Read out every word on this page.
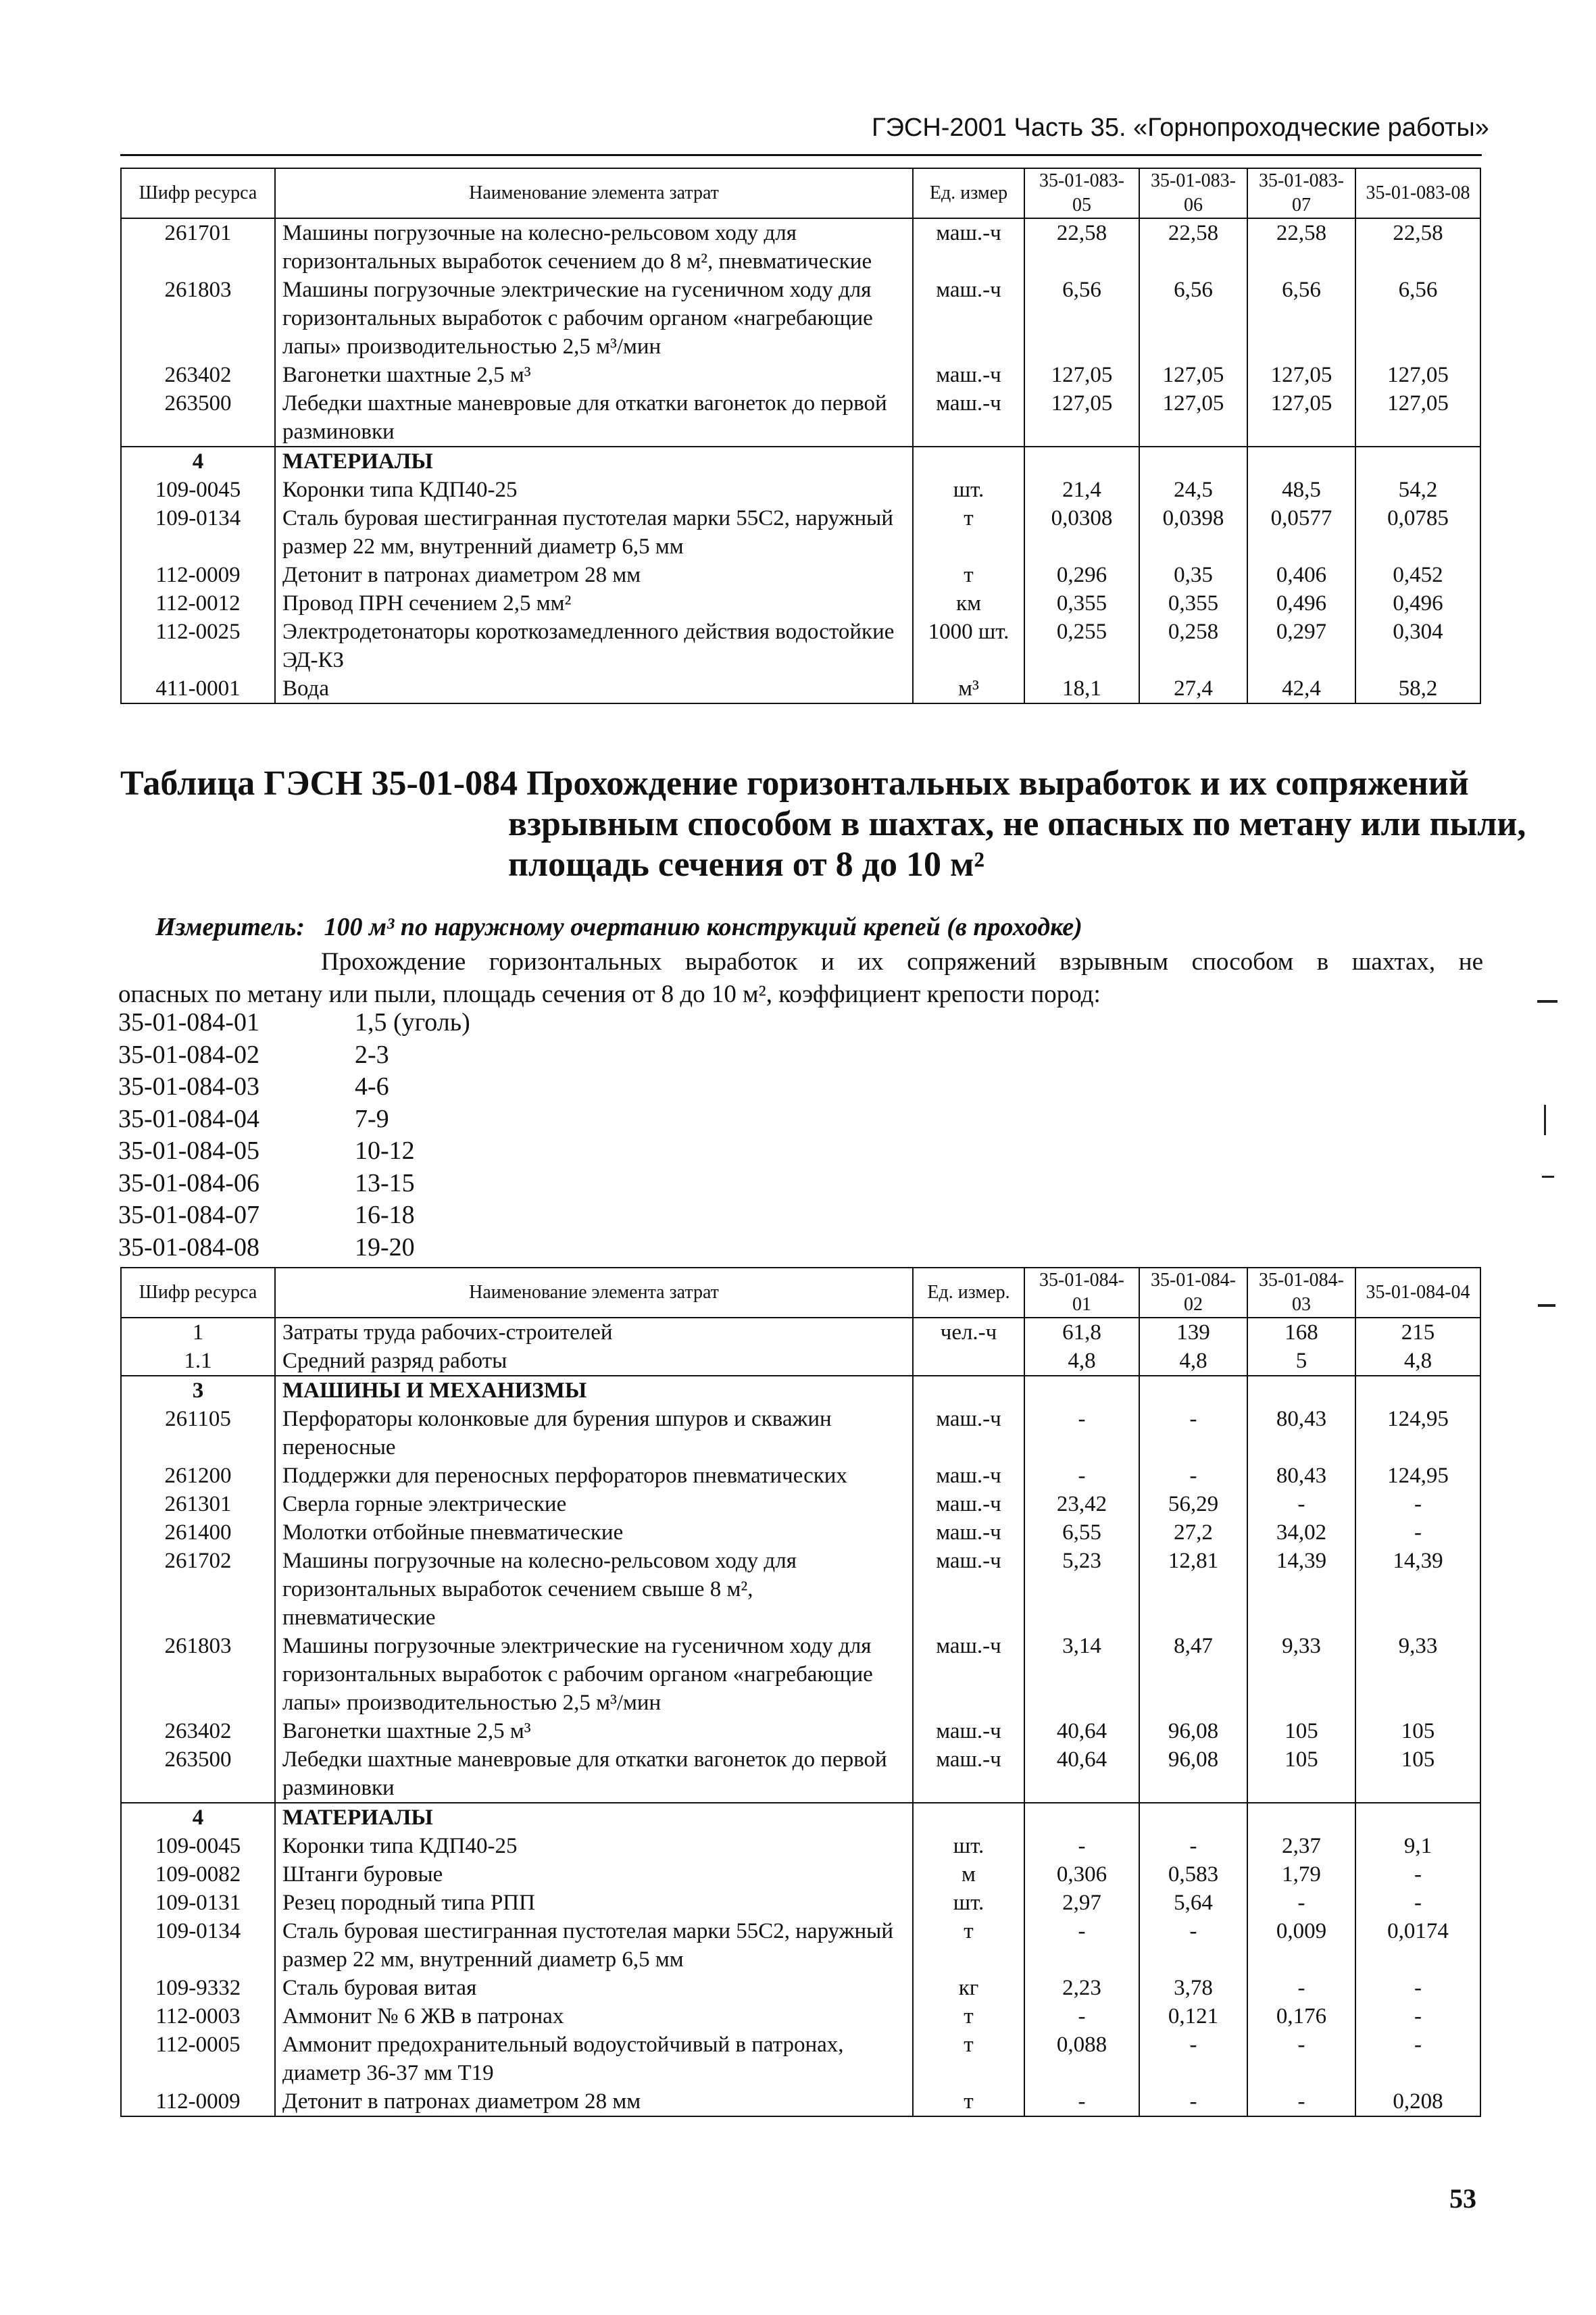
ГЭСН-2001 Часть 35. «Горнопроходческие работы»
Шифр ресурса	Наименование элемента затрат	Ед. измер	35-01-083-05	35-01-083-06	35-01-083-07	35-01-083-08
261701	Машины погрузочные на колесно-рельсовом ходу для горизонтальных выработок сечением до 8 м², пневматические	маш.-ч	22,58	22,58	22,58	22,58
261803	Машины погрузочные электрические на гусеничном ходу для горизонтальных выработок с рабочим органом «нагребающие лапы» производительностью 2,5 м³/мин	маш.-ч	6,56	6,56	6,56	6,56
263402	Вагонетки шахтные 2,5 м³	маш.-ч	127,05	127,05	127,05	127,05
263500	Лебедки шахтные маневровые для откатки вагонеток до первой разминовки	маш.-ч	127,05	127,05	127,05	127,05
4	МАТЕРИАЛЫ					
109-0045	Коронки типа КДП40-25	шт.	21,4	24,5	48,5	54,2
109-0134	Сталь буровая шестигранная пустотелая марки 55С2, наружный размер 22 мм, внутренний диаметр 6,5 мм	т	0,0308	0,0398	0,0577	0,0785
112-0009	Детонит в патронах диаметром 28 мм	т	0,296	0,35	0,406	0,452
112-0012	Провод ПРН сечением 2,5 мм²	км	0,355	0,355	0,496	0,496
112-0025	Электродетонаторы короткозамедленного действия водостойкие ЭД-КЗ	1000 шт.	0,255	0,258	0,297	0,304
411-0001	Вода	м³	18,1	27,4	42,4	58,2
Таблица ГЭСН 35-01-084 Прохождение горизонтальных выработок и их сопряжений
взрывным способом в шахтах, не опасных по метану или пыли,
площадь сечения от 8 до 10 м²
Измеритель: 100 м³ по наружному очертанию конструкций крепей (в проходке)
Прохождение горизонтальных выработок и их сопряжений взрывным способом в шахтах, не
опасных по метану или пыли, площадь сечения от 8 до 10 м², коэффициент крепости пород:
35-01-084-01	1,5 (уголь)
35-01-084-02	2-3
35-01-084-03	4-6
35-01-084-04	7-9
35-01-084-05	10-12
35-01-084-06	13-15
35-01-084-07	16-18
35-01-084-08	19-20
Шифр ресурса	Наименование элемента затрат	Ед. измер.	35-01-084-01	35-01-084-02	35-01-084-03	35-01-084-04
1	Затраты труда рабочих-строителей	чел.-ч	61,8	139	168	215
1.1	Средний разряд работы		4,8	4,8	5	4,8
3	МАШИНЫ И МЕХАНИЗМЫ					
261105	Перфораторы колонковые для бурения шпуров и скважин переносные	маш.-ч	-	-	80,43	124,95
261200	Поддержки для переносных перфораторов пневматических	маш.-ч	-	-	80,43	124,95
261301	Сверла горные электрические	маш.-ч	23,42	56,29	-	-
261400	Молотки отбойные пневматические	маш.-ч	6,55	27,2	34,02	-
261702	Машины погрузочные на колесно-рельсовом ходу для горизонтальных выработок сечением свыше 8 м², пневматические	маш.-ч	5,23	12,81	14,39	14,39
261803	Машины погрузочные электрические на гусеничном ходу для горизонтальных выработок с рабочим органом «нагребающие лапы» производительностью 2,5 м³/мин	маш.-ч	3,14	8,47	9,33	9,33
263402	Вагонетки шахтные 2,5 м³	маш.-ч	40,64	96,08	105	105
263500	Лебедки шахтные маневровые для откатки вагонеток до первой разминовки	маш.-ч	40,64	96,08	105	105
4	МАТЕРИАЛЫ					
109-0045	Коронки типа КДП40-25	шт.	-	-	2,37	9,1
109-0082	Штанги буровые	м	0,306	0,583	1,79	-
109-0131	Резец породный типа РПП	шт.	2,97	5,64	-	-
109-0134	Сталь буровая шестигранная пустотелая марки 55С2, наружный размер 22 мм, внутренний диаметр 6,5 мм	т	-	-	0,009	0,0174
109-9332	Сталь буровая витая	кг	2,23	3,78	-	-
112-0003	Аммонит № 6 ЖВ в патронах	т	-	0,121	0,176	-
112-0005	Аммонит предохранительный водоустойчивый в патронах, диаметр 36-37 мм Т19	т	0,088	-	-	-
112-0009	Детонит в патронах диаметром 28 мм	т	-	-	-	0,208
53
